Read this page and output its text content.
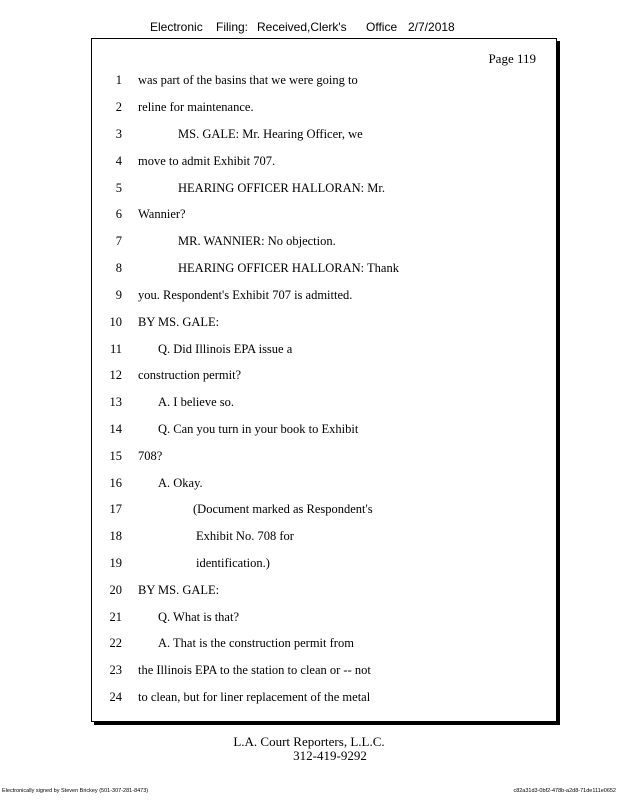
Electronic Filing: Received,Clerk's Office 2/7/2018
Page 119
1 was part of the basins that we were going to
2 reline for maintenance.
3	MS. GALE: Mr. Hearing Officer, we
4 move to admit Exhibit 707.
5	HEARING OFFICER HALLORAN: Mr.
6 Wannier?
7	MR. WANNIER: No objection.
8	HEARING OFFICER HALLORAN: Thank
9 you. Respondent's Exhibit 707 is admitted.
10 BY MS. GALE:
11	Q. Did Illinois EPA issue a
12 construction permit?
13	A. I believe so.
14	Q. Can you turn in your book to Exhibit
15 708?
16	A. Okay.
17	(Document marked as Respondent's
18	Exhibit No. 708 for
19	identification.)
20 BY MS. GALE:
21	Q. What is that?
22	A. That is the construction permit from
23 the Illinois EPA to the station to clean or -- not
24 to clean, but for liner replacement of the metal
L.A. Court Reporters, L.L.C.
312-419-9292
Electronically signed by Steven Brickey (501-307-281-8473)	c82a31d3-0bf2-478b-a2d8-71de111e0652
